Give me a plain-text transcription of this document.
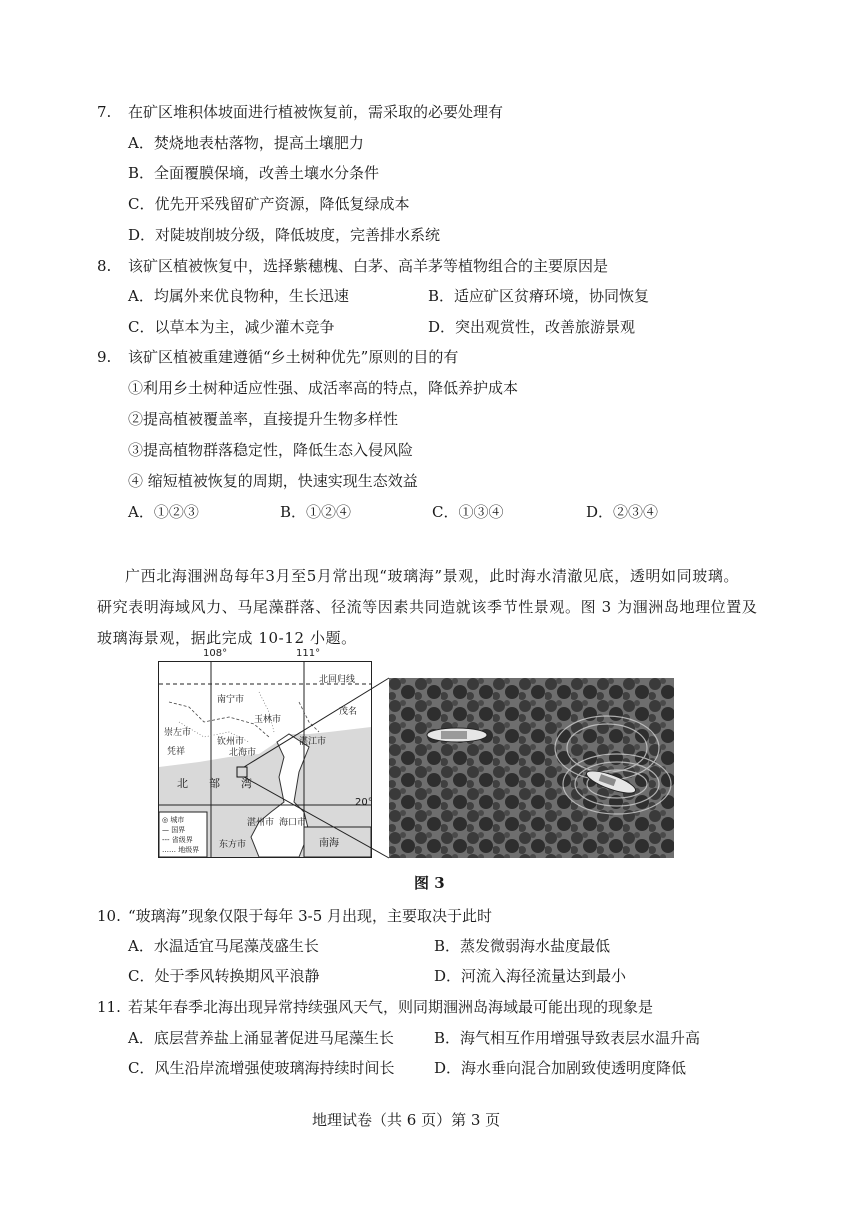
7. 在矿区堆积体坡面进行植被恢复前，需采取的必要处理有
A．焚烧地表枯落物，提高土壤肥力
B．全面覆膜保墒，改善土壤水分条件
C．优先开采残留矿产资源，降低复绿成本
D．对陡坡削坡分级，降低坡度，完善排水系统
8. 该矿区植被恢复中，选择紫穗槐、白茅、高羊茅等植物组合的主要原因是
A．均属外来优良物种，生长迅速	B．适应矿区贫瘠环境，协同恢复
C．以草本为主，减少灌木竞争	D．突出观赏性，改善旅游景观
9. 该矿区植被重建遵循“乡土树种优先”原则的目的有
①利用乡土树种适应性强、成活率高的特点，降低养护成本
②提高植被覆盖率，直接提升生物多样性
③提高植物群落稳定性，降低生态入侵风险
④ 缩短植被恢复的周期，快速实现生态效益
A．①②③	B．①②④	C．①③④	D．②③④
广西北海涠洲岛每年3月至5月常出现“玻璃海”景观，此时海水清澈见底，透明如同玻璃。
研究表明海域风力、马尾藻群落、径流等因素共同造就该季节性景观。图 3 为涠洲岛地理位置及
玻璃海景观，据此完成 10-12 小题。
北回归线
南宁市
玉林市
崇左市
钦州市
凭祥	北海市
湛江市
茂名
北 部 湾
湛州市 海口市
东方市	南海
◎ 城市
— 国界
--- 省级界
…… 地级界
108°	111°
20°
图 3
10. “玻璃海”现象仅限于每年 3-5 月出现，主要取决于此时
A．水温适宜马尾藻茂盛生长	B．蒸发微弱海水盐度最低
C．处于季风转换期风平浪静	D．河流入海径流量达到最小
11. 若某年春季北海出现异常持续强风天气，则同期涠洲岛海域最可能出现的现象是
A．底层营养盐上涌显著促进马尾藻生长	B．海气相互作用增强导致表层水温升高
C．风生沿岸流增强使玻璃海持续时间长	D．海水垂向混合加剧致使透明度降低
地理试卷（共 6 页）第 3 页
